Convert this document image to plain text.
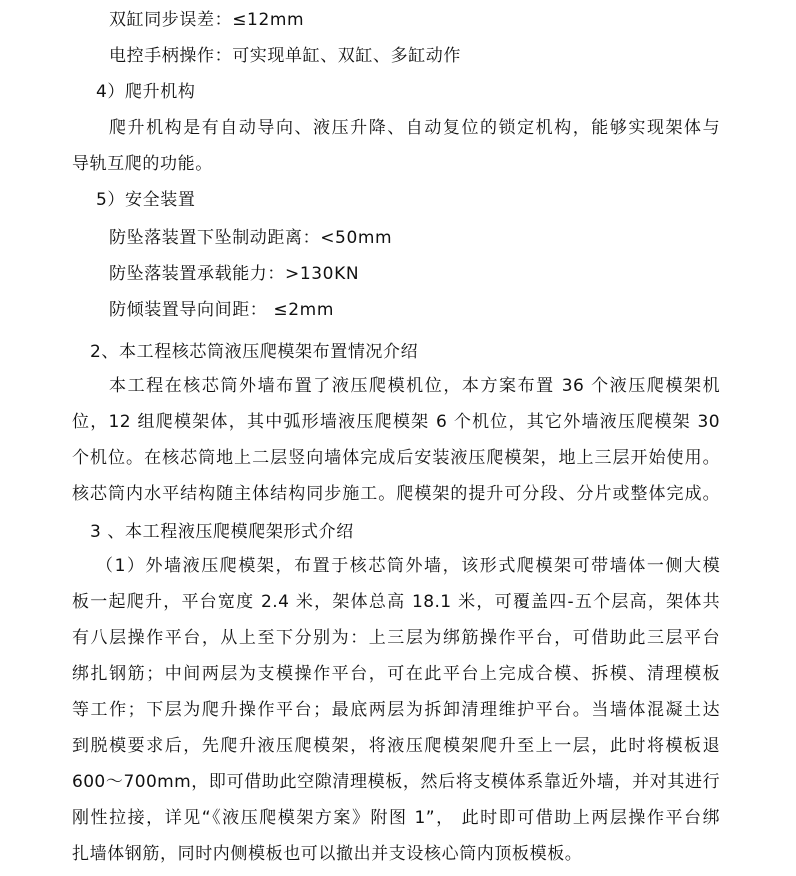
双缸同步误差：≤12mm
电控手柄操作：可实现单缸、双缸、多缸动作
4）爬升机构
爬升机构是有自动导向、液压升降、自动复位的锁定机构，能够实现架体与
导轨互爬的功能。
5）安全装置
防坠落装置下坠制动距离：<50mm
防坠落装置承载能力：>130KN
防倾装置导向间距： ≤2mm
2、本工程核芯筒液压爬模架布置情况介绍
本工程在核芯筒外墙布置了液压爬模机位，本方案布置 36 个液压爬模架机
位，12 组爬模架体，其中弧形墙液压爬模架 6 个机位，其它外墙液压爬模架 30
个机位。在核芯筒地上二层竖向墙体完成后安装液压爬模架，地上三层开始使用。
核芯筒内水平结构随主体结构同步施工。爬模架的提升可分段、分片或整体完成。
3 、本工程液压爬模爬架形式介绍
（1）外墙液压爬模架，布置于核芯筒外墙，该形式爬模架可带墙体一侧大模
板一起爬升，平台宽度 2.4 米，架体总高 18.1 米，可覆盖四-五个层高，架体共
有八层操作平台，从上至下分别为：上三层为绑筋操作平台，可借助此三层平台
绑扎钢筋；中间两层为支模操作平台，可在此平台上完成合模、拆模、清理模板
等工作；下层为爬升操作平台；最底两层为拆卸清理维护平台。当墙体混凝土达
到脱模要求后，先爬升液压爬模架，将液压爬模架爬升至上一层，此时将模板退
600～700mm，即可借助此空隙清理模板，然后将支模体系靠近外墙，并对其进行
刚性拉接，详见“《液压爬模架方案》附图 1”， 此时即可借助上两层操作平台绑
扎墙体钢筋，同时内侧模板也可以撤出并支设核心筒内顶板模板。
